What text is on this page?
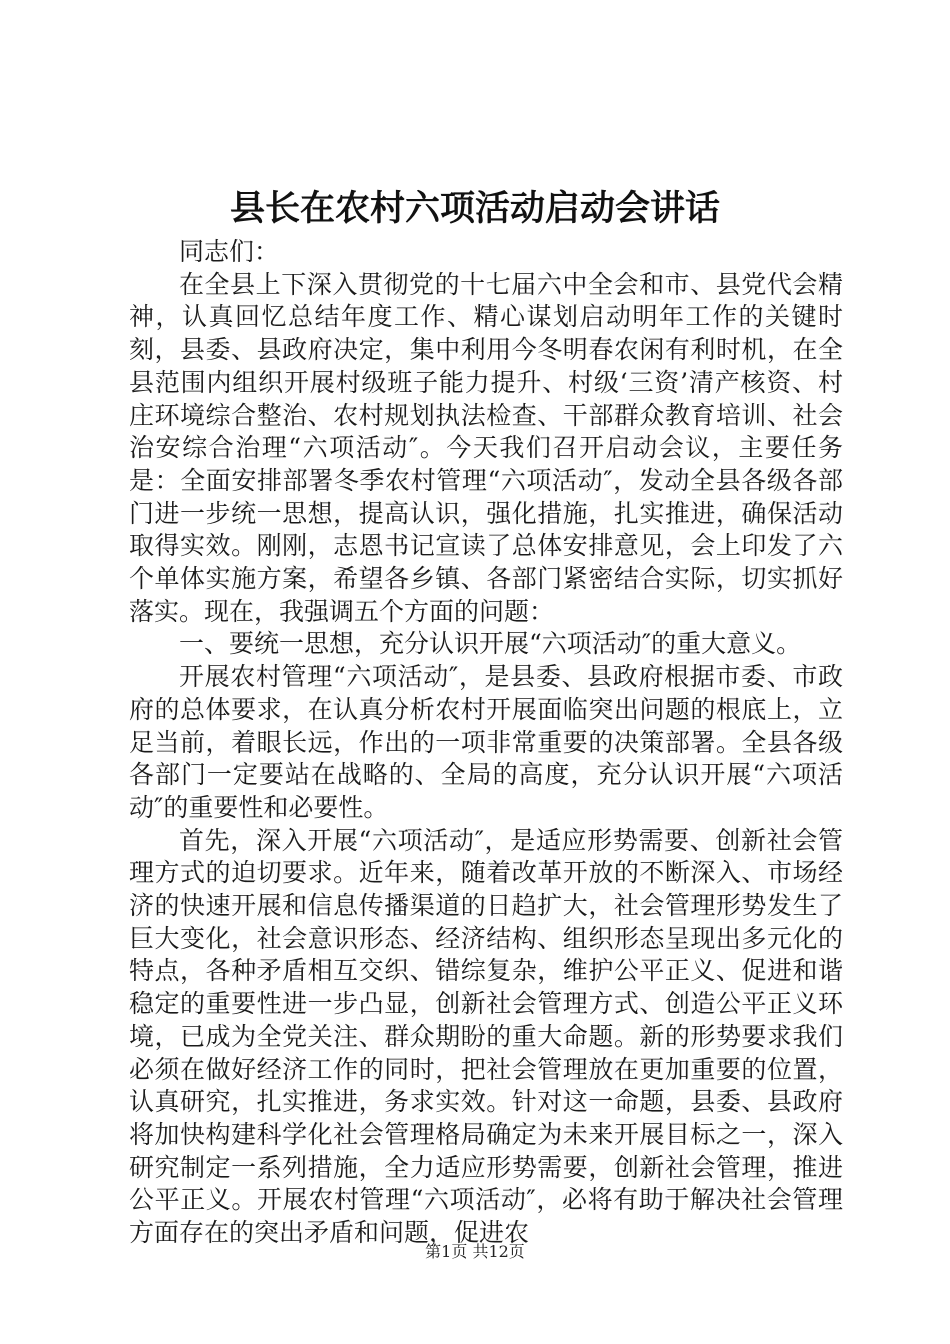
县长在农村六项活动启动会讲话

同志们：

在全县上下深入贯彻党的十七届六中全会和市、县党代会精神，认真回忆总结年度工作、精心谋划启动明年工作的关键时刻，县委、县政府决定，集中利用今冬明春农闲有利时机，在全县范围内组织开展村级班子能力提升、村级‘三资’清产核资、村庄环境综合整治、农村规划执法检查、干部群众教育培训、社会治安综合治理“六项活动″。今天我们召开启动会议，主要任务是：全面安排部署冬季农村管理“六项活动″，发动全县各级各部门进一步统一思想，提高认识，强化措施，扎实推进，确保活动取得实效。刚刚，志恩书记宣读了总体安排意见，会上印发了六个单体实施方案，希望各乡镇、各部门紧密结合实际，切实抓好落实。现在，我强调五个方面的问题：

一、要统一思想，充分认识开展“六项活动″的重大意义。

开展农村管理“六项活动″，是县委、县政府根据市委、市政府的总体要求，在认真分析农村开展面临突出问题的根底上，立足当前，着眼长远，作出的一项非常重要的决策部署。全县各级各部门一定要站在战略的、全局的高度，充分认识开展“六项活动″的重要性和必要性。

首先，深入开展“六项活动″，是适应形势需要、创新社会管理方式的迫切要求。近年来，随着改革开放的不断深入、市场经济的快速开展和信息传播渠道的日趋扩大，社会管理形势发生了巨大变化，社会意识形态、经济结构、组织形态呈现出多元化的特点，各种矛盾相互交织、错综复杂，维护公平正义、促进和谐稳定的重要性进一步凸显，创新社会管理方式、创造公平正义环境，已成为全党关注、群众期盼的重大命题。新的形势要求我们必须在做好经济工作的同时，把社会管理放在更加重要的位置，认真研究，扎实推进，务求实效。针对这一命题，县委、县政府将加快构建科学化社会管理格局确定为未来开展目标之一，深入研究制定一系列措施，全力适应形势需要，创新社会管理，推进公平正义。开展农村管理“六项活动″，必将有助于解决社会管理方面存在的突出矛盾和问题，促进农

第1页 共12页
